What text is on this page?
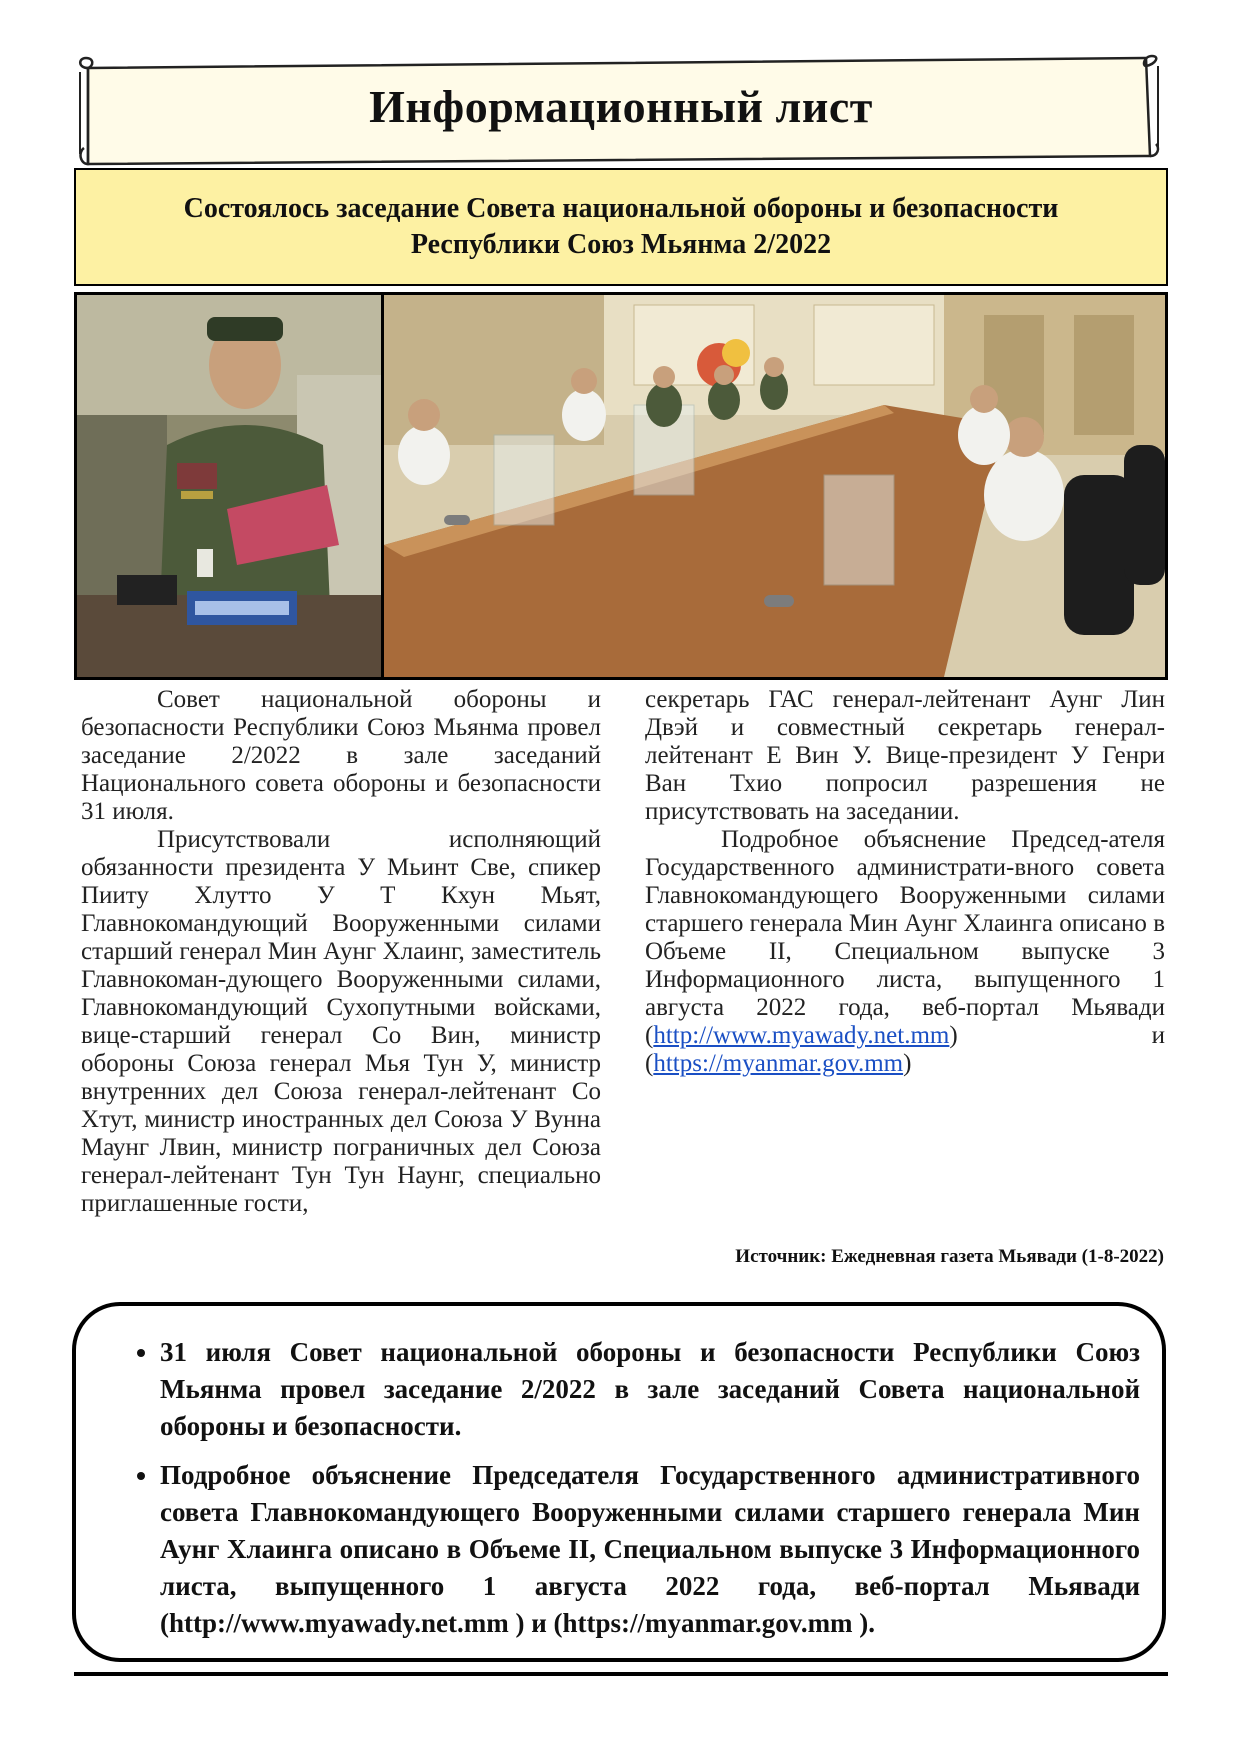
Информационный лист
Состоялось заседание Совета национальной обороны и безопасности
Республики Союз Мьянма 2/2022

Совет национальной обороны и безопасности Республики Союз Мьянма провел заседание 2/2022 в зале заседаний Национального совета обороны и безопасности 31 июля.

Присутствовали исполняющий обязанности президента У Мьинт Све, спикер Пииту Хлутто У Т Кхун Мьят, Главнокомандующий Вооруженными силами старший генерал Мин Аунг Хлаинг, заместитель Главнокоман-дующего Вооруженными силами, Главнокомандующий Сухопутными войсками, вице-старший генерал Со Вин, министр обороны Союза генерал Мья Тун У, министр внутренних дел Союза генерал-лейтенант Со Хтут, министр иностранных дел Союза У Вунна Маунг Лвин, министр пограничных дел Союза генерал-лейтенант Тун Тун Наунг, специально приглашенные гости,

секретарь ГАС генерал-лейтенант Аунг Лин Двэй и совместный секретарь генерал-лейтенант Е Вин У. Вице-президент У Генри Ван Тхио попросил разрешения не присутствовать на заседании.

Подробное объяснение Председ-ателя Государственного администрати-вного совета Главнокомандующего Вооруженными силами старшего генерала Мин Аунг Хлаинга описано в Объеме II, Специальном выпуске 3 Информационного листа, выпущенного 1 августа 2022 года, веб-портал Мьявади (http://www.myawady.net.mm) и (https://myanmar.gov.mm)

Источник: Ежедневная газета Мьявади (1-8-2022)
• 31 июля Совет национальной обороны и безопасности Республики Союз Мьянма провел заседание 2/2022 в зале заседаний Совета национальной обороны и безопасности.
• Подробное объяснение Председателя Государственного административного совета Главнокомандующего Вооруженными силами старшего генерала Мин Аунг Хлаинга описано в Объеме II, Специальном выпуске 3 Информационного листа, выпущенного 1 августа 2022 года, веб-портал Мьявади (http://www.myawady.net.mm ) и (https://myanmar.gov.mm ).
